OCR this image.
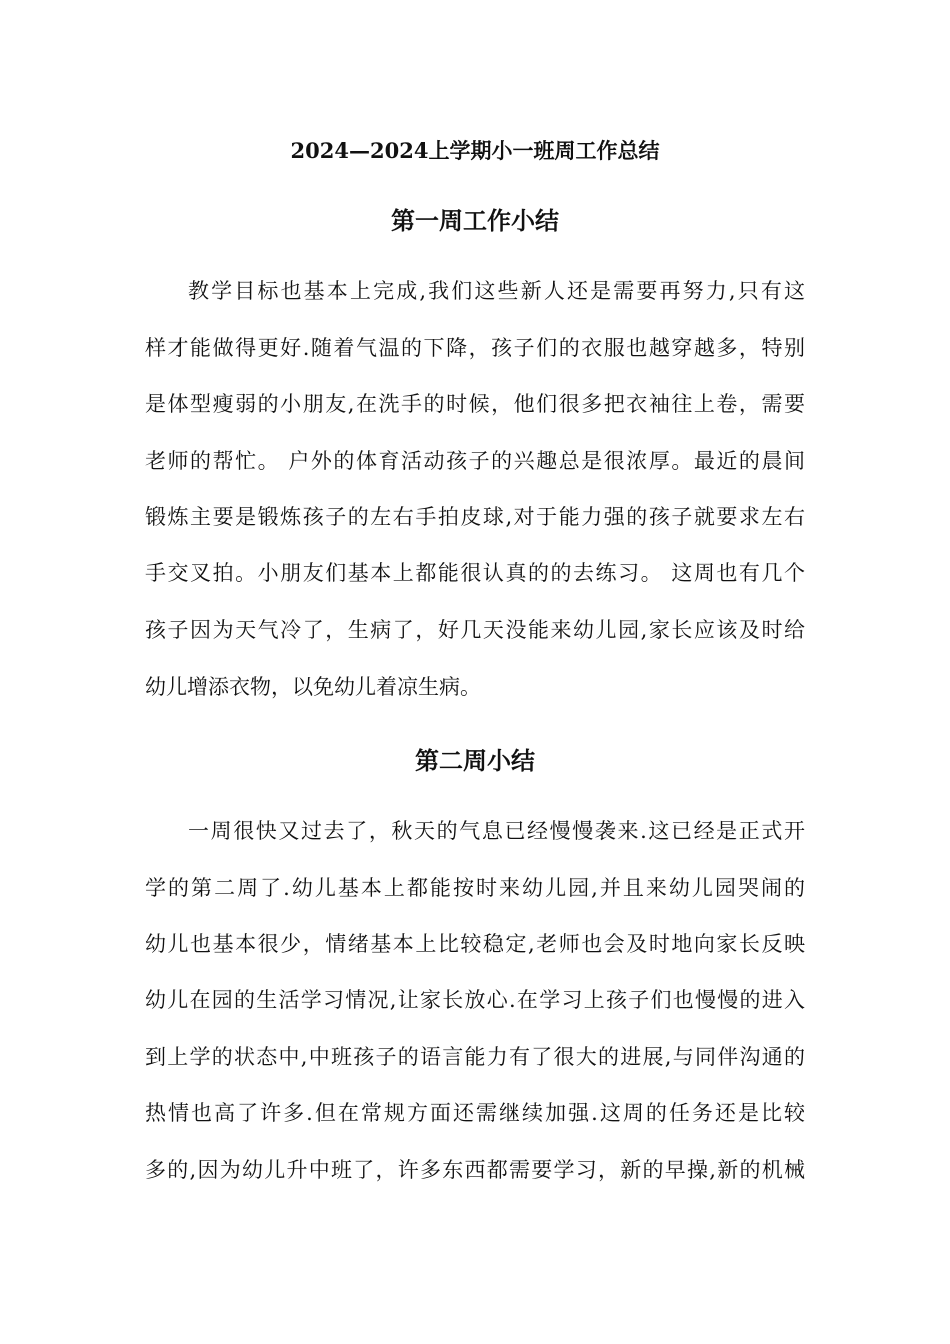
2024—2024上学期小一班周工作总结
第一周工作小结
教学目标也基本上完成,我们这些新人还是需要再努力,只有这
样才能做得更好.随着气温的下降，孩子们的衣服也越穿越多，特别
是体型瘦弱的小朋友,在洗手的时候，他们很多把衣袖往上卷，需要
老师的帮忙。 户外的体育活动孩子的兴趣总是很浓厚。最近的晨间
锻炼主要是锻炼孩子的左右手拍皮球,对于能力强的孩子就要求左右
手交叉拍。小朋友们基本上都能很认真的的去练习。 这周也有几个
孩子因为天气冷了，生病了，好几天没能来幼儿园,家长应该及时给
幼儿增添衣物，以免幼儿着凉生病。
第二周小结
一周很快又过去了，秋天的气息已经慢慢袭来.这已经是正式开
学的第二周了.幼儿基本上都能按时来幼儿园,并且来幼儿园哭闹的
幼儿也基本很少，情绪基本上比较稳定,老师也会及时地向家长反映
幼儿在园的生活学习情况,让家长放心.在学习上孩子们也慢慢的进入
到上学的状态中,中班孩子的语言能力有了很大的进展,与同伴沟通的
热情也高了许多.但在常规方面还需继续加强.这周的任务还是比较
多的,因为幼儿升中班了，许多东西都需要学习，新的早操,新的机械
